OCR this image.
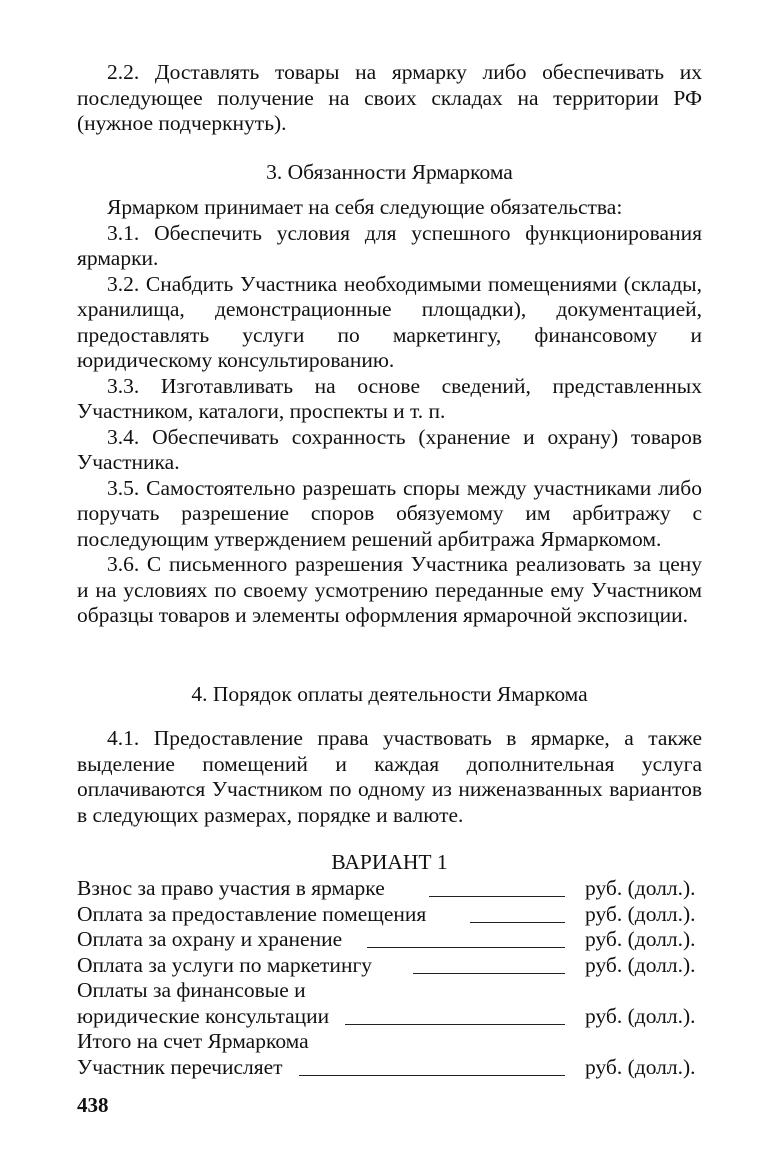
2.2. Доставлять товары на ярмарку либо обеспечивать их последующее получение на своих складах на территории РФ (нужное подчеркнуть).

3. Обязанности Ярмаркома

Ярмарком принимает на себя следующие обязательства:

3.1. Обеспечить условия для успешного функционирования ярмарки.

3.2. Снабдить Участника необходимыми помещениями (склады, хранилища, демонстрационные площадки), документацией, предоставлять услуги по маркетингу, финансовому и юридическому консультированию.

3.3. Изготавливать на основе сведений, представленных Участником, каталоги, проспекты и т. п.

3.4. Обеспечивать сохранность (хранение и охрану) товаров Участника.

3.5. Самостоятельно разрешать споры между участниками либо поручать разрешение споров обязуемому им арбитражу с последующим утверждением решений арбитража Ярмаркомом.

3.6. С письменного разрешения Участника реализовать за цену и на условиях по своему усмотрению переданные ему Участником образцы товаров и элементы оформления ярмарочной экспозиции.

4. Порядок оплаты деятельности Ямаркома

4.1. Предоставление права участвовать в ярмарке, а также выделение помещений и каждая дополнительная услуга оплачиваются Участником по одному из ниженазванных вариантов в следующих размерах, порядке и валюте.

ВАРИАНТ 1
Взнос за право участия в ярмарке	руб. (долл.).
Оплата за предоставление помещения	руб. (долл.).
Оплата за охрану и хранение	руб. (долл.).
Оплата за услуги по маркетингу	руб. (долл.).
Оплаты за финансовые и
юридические консультации	руб. (долл.).
Итого на счет Ярмаркома
Участник перечисляет	руб. (долл.).
438
